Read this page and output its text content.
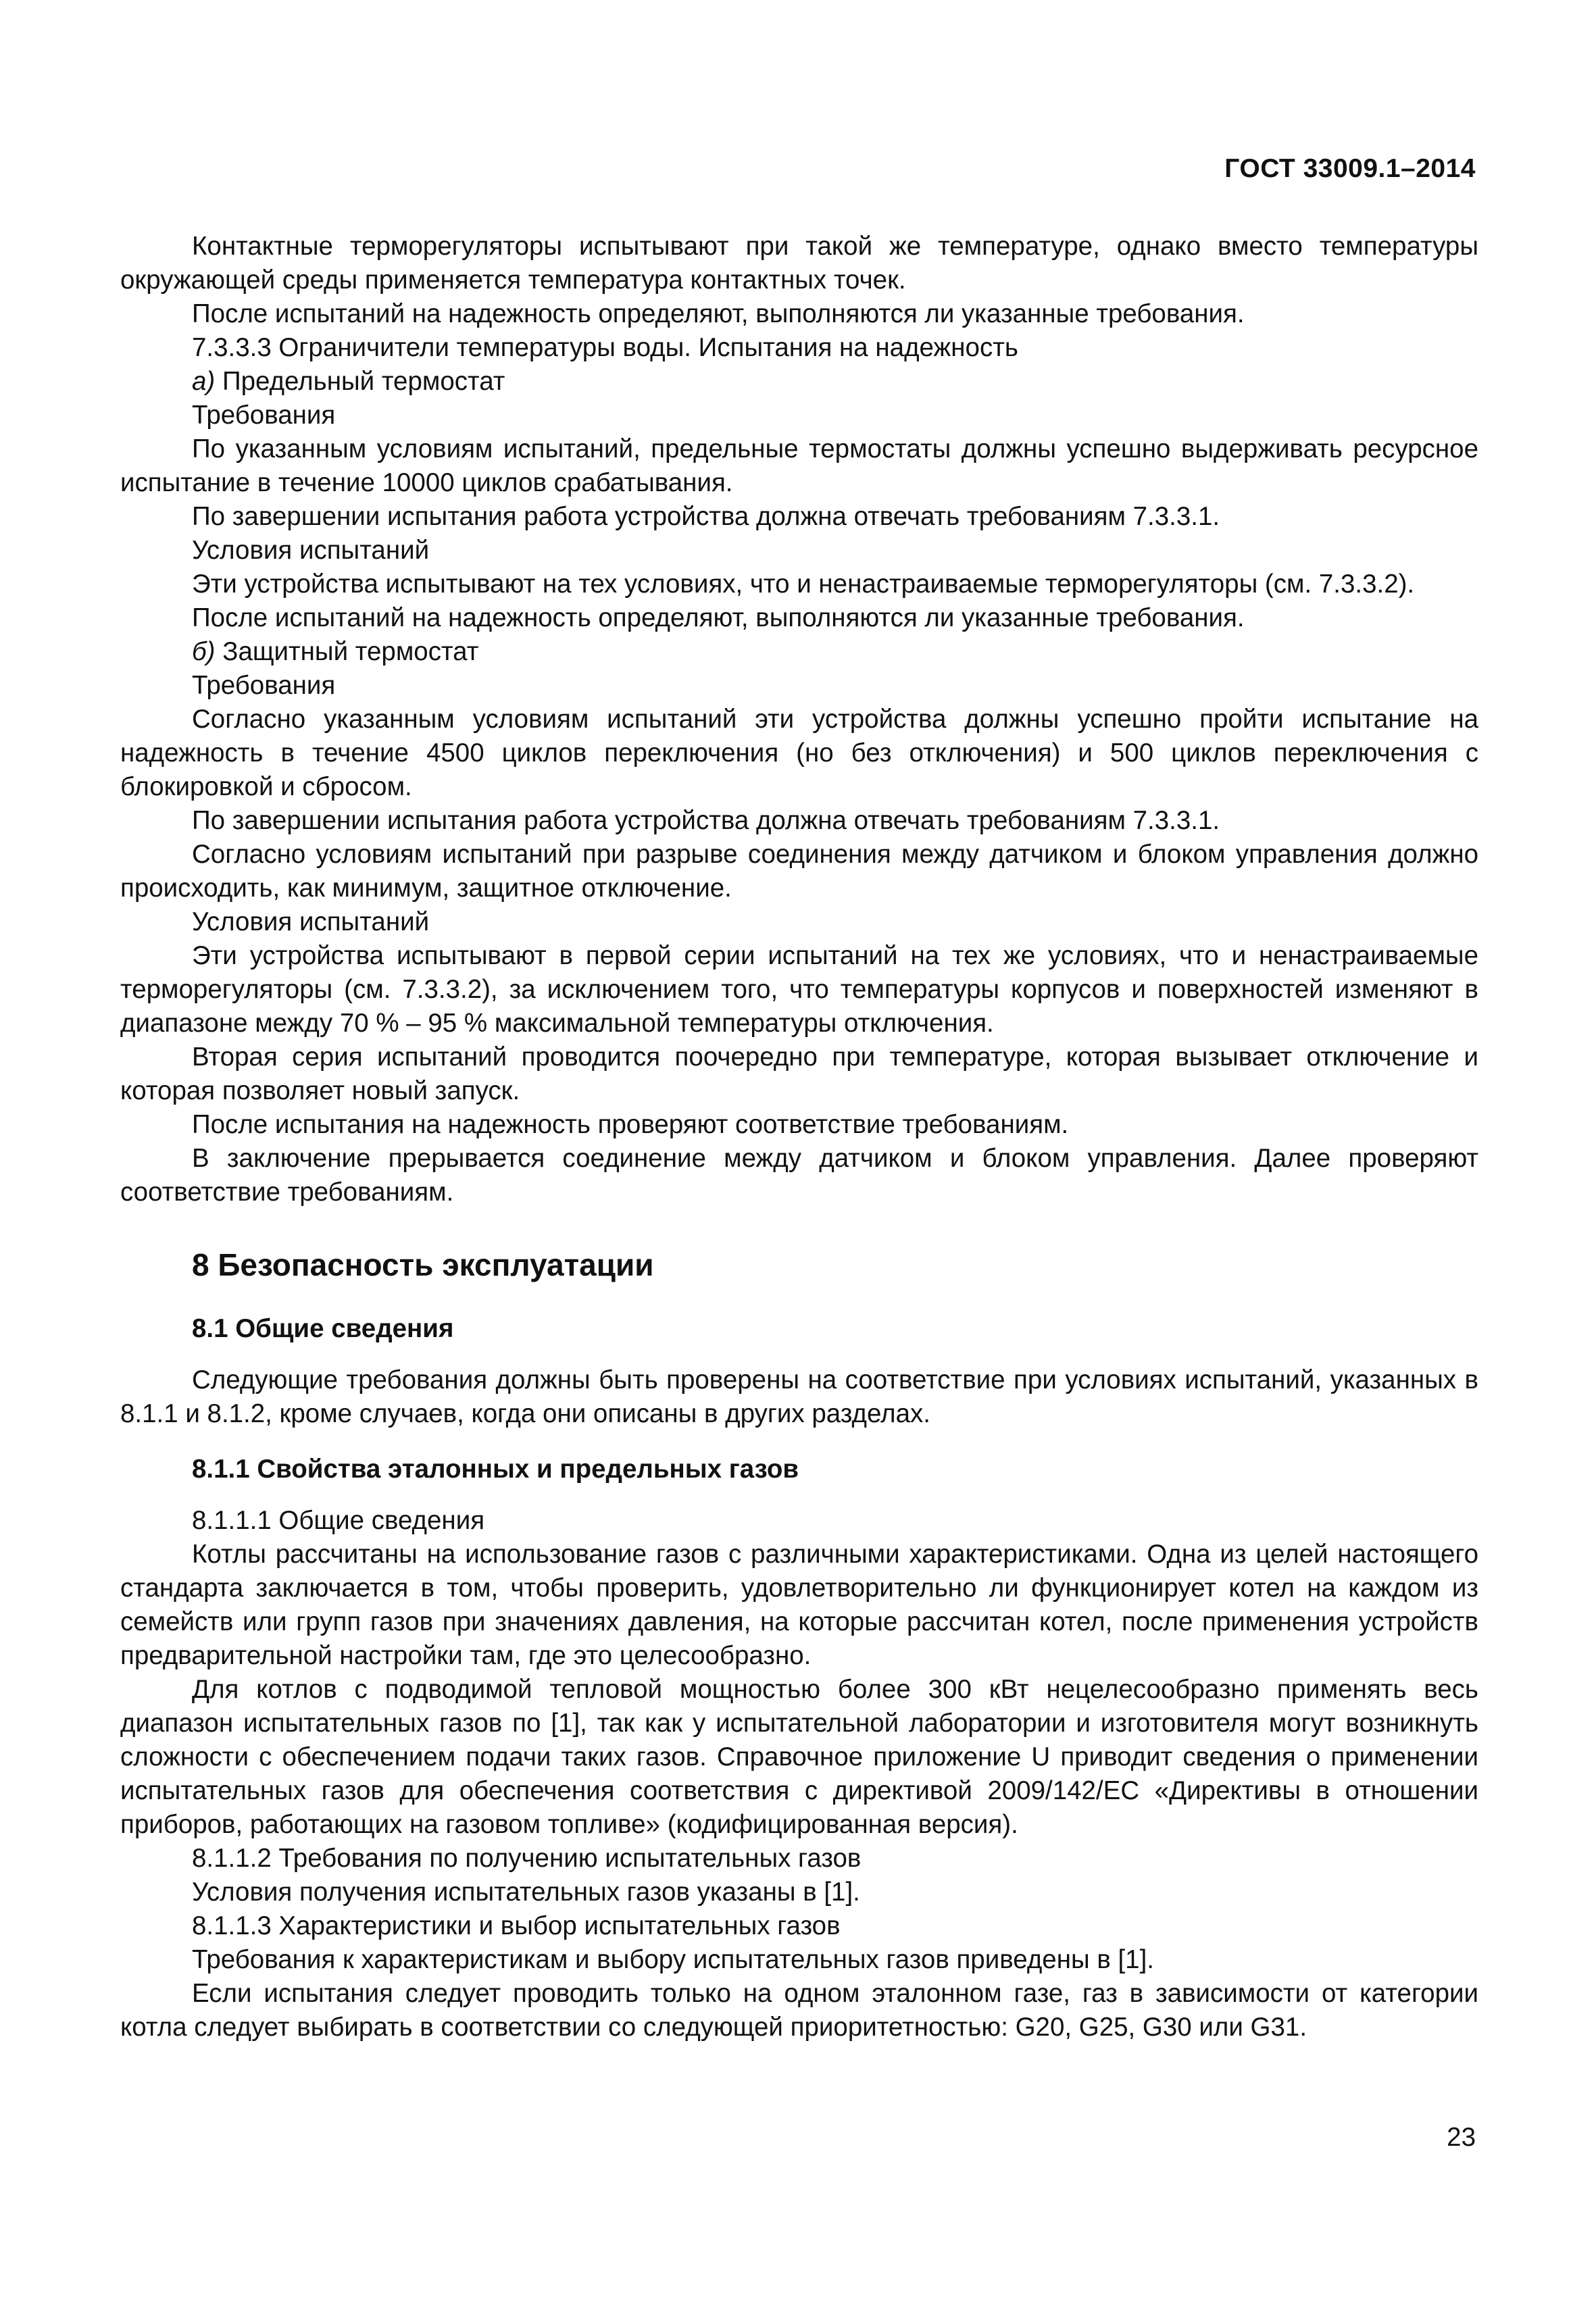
ГОСТ 33009.1–2014

Контактные терморегуляторы испытывают при такой же температуре, однако вместо температуры окружающей среды применяется температура контактных точек.

После испытаний на надежность определяют, выполняются ли указанные требования.

7.3.3.3 Ограничители температуры воды. Испытания на надежность

а) Предельный термостат

Требования

По указанным условиям испытаний, предельные термостаты должны успешно выдерживать ресурсное испытание в течение 10000 циклов срабатывания.

По завершении испытания работа устройства должна отвечать требованиям 7.3.3.1.

Условия испытаний

Эти устройства испытывают на тех условиях, что и ненастраиваемые терморегуляторы (см. 7.3.3.2).

После испытаний на надежность определяют, выполняются ли указанные требования.

б) Защитный термостат

Требования

Согласно указанным условиям испытаний эти устройства должны успешно пройти испытание на надежность в течение 4500 циклов переключения (но без отключения) и 500 циклов переключения с блокировкой и сбросом.

По завершении испытания работа устройства должна отвечать требованиям 7.3.3.1.

Согласно условиям испытаний при разрыве соединения между датчиком и блоком управления должно происходить, как минимум, защитное отключение.

Условия испытаний

Эти устройства испытывают в первой серии испытаний на тех же условиях, что и ненастраиваемые терморегуляторы (см. 7.3.3.2), за исключением того, что температуры корпусов и поверхностей изменяют в диапазоне между 70 % – 95 % максимальной температуры отключения.

Вторая серия испытаний проводится поочередно при температуре, которая вызывает отключение и которая позволяет новый запуск.

После испытания на надежность проверяют соответствие требованиям.

В заключение прерывается соединение между датчиком и блоком управления. Далее проверяют соответствие требованиям.

8 Безопасность эксплуатации
8.1 Общие сведения

Следующие требования должны быть проверены на соответствие при условиях испытаний, указанных в 8.1.1 и 8.1.2, кроме случаев, когда они описаны в других разделах.

8.1.1 Свойства эталонных и предельных газов

8.1.1.1 Общие сведения

Котлы рассчитаны на использование газов с различными характеристиками. Одна из целей настоящего стандарта заключается в том, чтобы проверить, удовлетворительно ли функционирует котел на каждом из семейств или групп газов при значениях давления, на которые рассчитан котел, после применения устройств предварительной настройки там, где это целесообразно.

Для котлов с подводимой тепловой мощностью более 300 кВт нецелесообразно применять весь диапазон испытательных газов по [1], так как у испытательной лаборатории и изготовителя могут возникнуть сложности с обеспечением подачи таких газов. Справочное приложение U приводит сведения о применении испытательных газов для обеспечения соответствия с директивой 2009/142/ЕС «Директивы в отношении приборов, работающих на газовом топливе» (кодифицированная версия).

8.1.1.2 Требования по получению испытательных газов

Условия получения испытательных газов указаны в [1].

8.1.1.3 Характеристики и выбор испытательных газов

Требования к характеристикам и выбору испытательных газов приведены в [1].

Если испытания следует проводить только на одном эталонном газе, газ в зависимости от категории котла следует выбирать в соответствии со следующей приоритетностью: G20, G25, G30 или G31.

23
